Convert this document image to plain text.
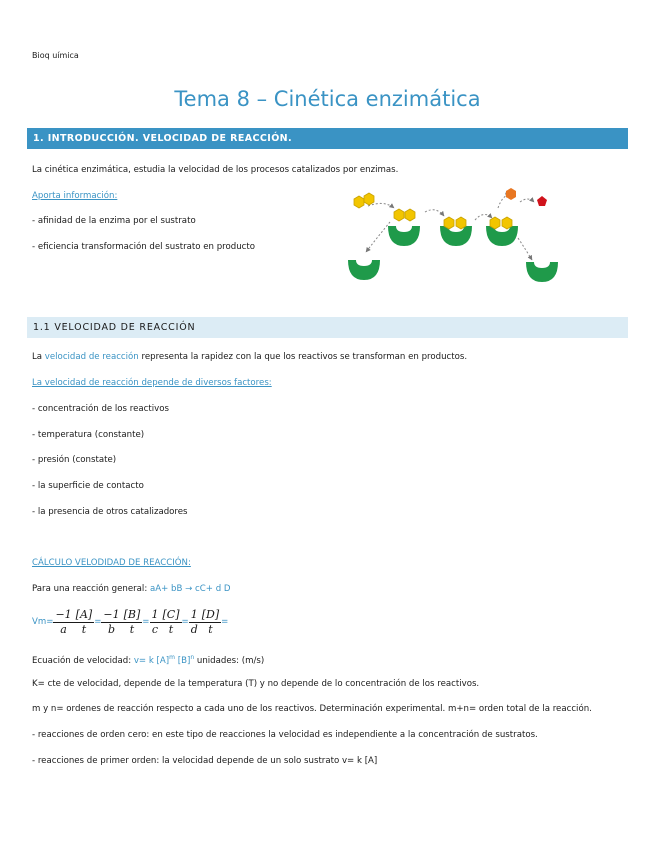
Bioq uímica
Tema 8 – Cinética enzimática
1. INTRODUCCIÓN. VELOCIDAD DE REACCIÓN.
La cinética enzimática, estudia la velocidad de los procesos catalizados por enzimas.
Aporta información:
- afinidad de la enzima por el sustrato
- eficiencia transformación del sustrato en producto
1.1 VELOCIDAD DE REACCIÓN
La velocidad de reacción representa la rapidez con la que los reactivos se transforman en productos.
La velocidad de reacción depende de diversos factores:
- concentración de los reactivos
- temperatura (constante)
- presión (constate)
- la superficie de contacto
- la presencia de otros catalizadores
CÁLCULO VELODIDAD DE REACCIÓN:
Para una reacción general: aA+ bB → cC+ d D
$Vm= \frac{-1}{a} \frac{[A]}{t} = \frac{-1}{b} \frac{[B]}{t} = \frac{1}{c} \frac{[C]}{t} = \frac{1}{d} \frac{[D]}{t}$ =
Ecuación de velocidad: v= k $[A]^m$ $[B]^n$ unidades: (m/s)
K= cte de velocidad, depende de la temperatura (T) y no depende de lo concentración de los reactivos.
m y n= ordenes de reacción respecto a cada uno de los reactivos. Determinación experimental. m+n= orden total de la reacción.
- reacciones de orden cero: en este tipo de reacciones la velocidad es independiente a la concentración de sustratos.
- reacciones de primer orden: la velocidad depende de un solo sustrato v= k [A]
